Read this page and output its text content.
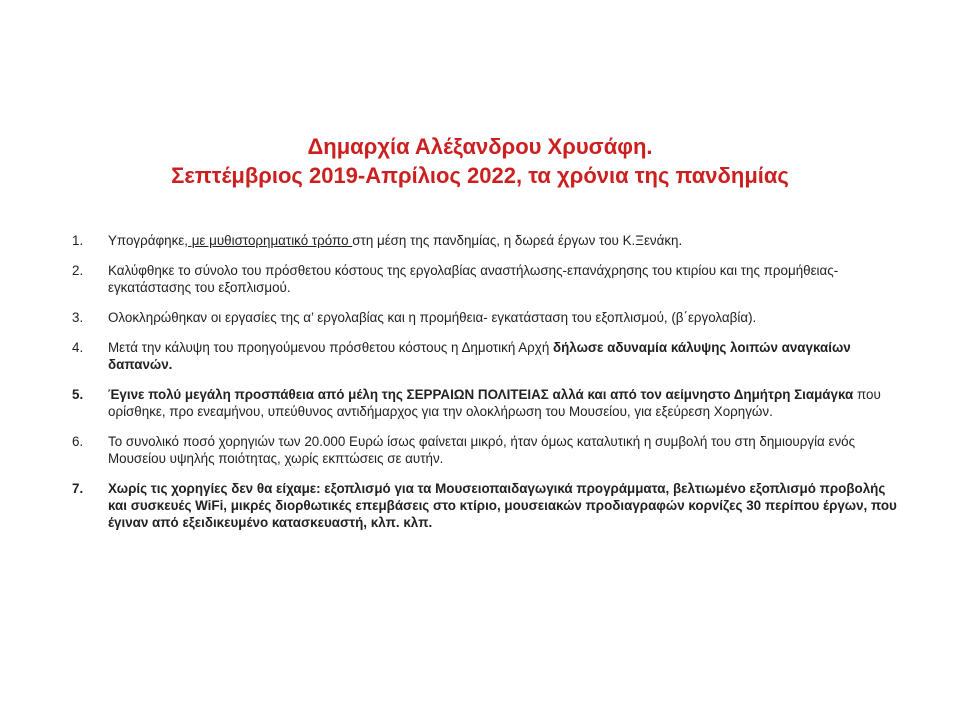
Δημαρχία Αλέξανδρου Χρυσάφη.
Σεπτέμβριος 2019-Απρίλιος 2022, τα χρόνια της πανδημίας
1.	Υπογράφηκε, με μυθιστορηματικό τρόπο στη μέση της πανδημίας, η δωρεά έργων του Κ.Ξενάκη.
2.	Καλύφθηκε το σύνολο του πρόσθετου κόστους της εργολαβίας αναστήλωσης-επανάχρησης του κτιρίου και της προμήθειας-εγκατάστασης του εξοπλισμού.
3.	Ολοκληρώθηκαν οι εργασίες της α’ εργολαβίας και η προμήθεια- εγκατάσταση του εξοπλισμού, (β΄εργολαβία).
4.	Μετά την κάλυψη του προηγούμενου πρόσθετου κόστους η Δημοτική Αρχή δήλωσε αδυναμία κάλυψης λοιπών αναγκαίων δαπανών.
5.	Έγινε πολύ μεγάλη προσπάθεια από μέλη της ΣΕΡΡΑΙΩΝ ΠΟΛΙΤΕΙΑΣ αλλά και από τον αείμνηστο Δημήτρη Σιαμάγκα που ορίσθηκε, προ ενεαμήνου, υπεύθυνος αντιδήμαρχος για την ολοκλήρωση του Μουσείου, για εξεύρεση Χορηγών.
6.	Το συνολικό ποσό χορηγιών των 20.000 Ευρώ ίσως φαίνεται μικρό, ήταν όμως καταλυτική η συμβολή του στη δημιουργία ενός Μουσείου υψηλής ποιότητας, χωρίς εκπτώσεις σε αυτήν.
7.	Χωρίς τις χορηγίες δεν θα είχαμε: εξοπλισμό για τα Μουσειοπαιδαγωγικά προγράμματα, βελτιωμένο εξοπλισμό προβολής και συσκευές WiFi, μικρές διορθωτικές επεμβάσεις στο κτίριο, μουσειακών προδιαγραφών κορνίζες 30 περίπου έργων, που έγιναν από εξειδικευμένο κατασκευαστή, κλπ. κλπ.
